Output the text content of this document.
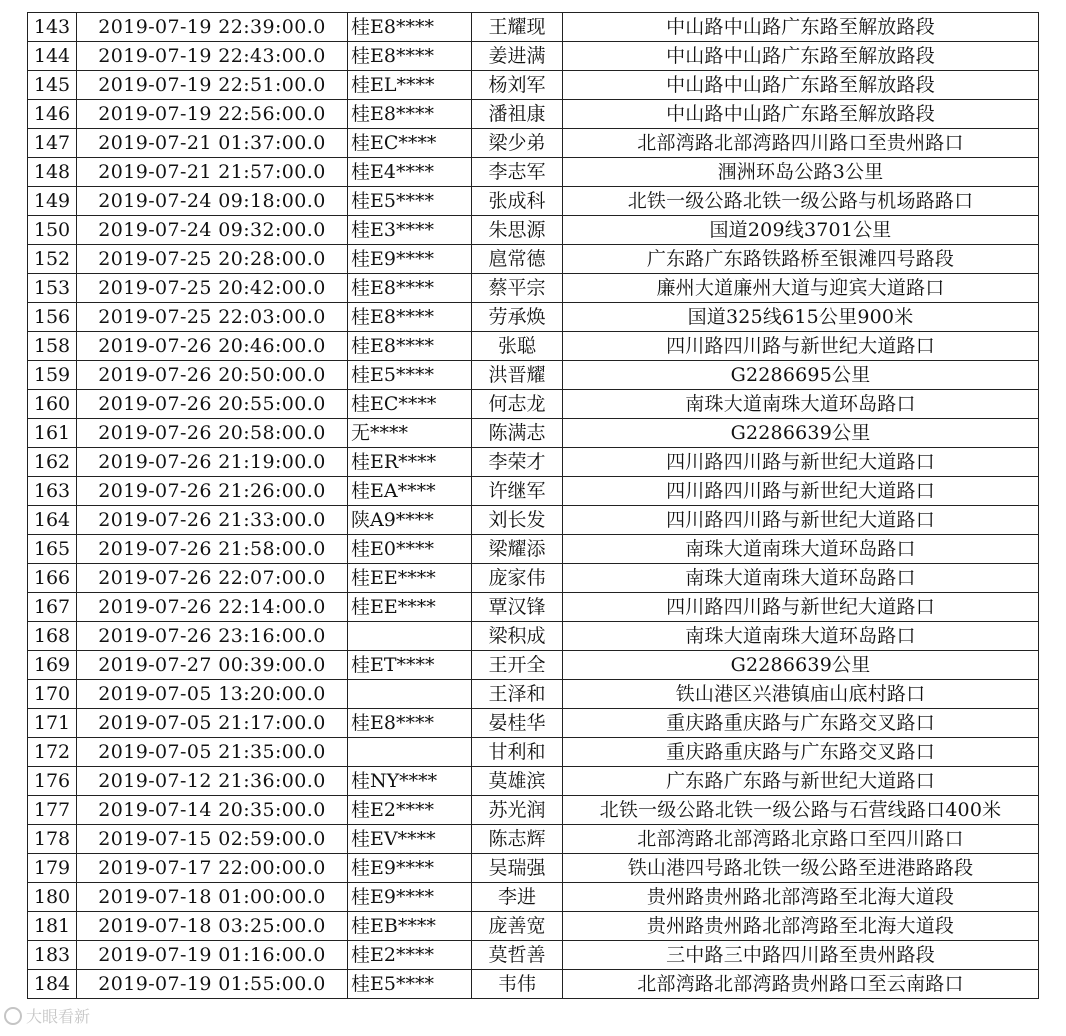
143	2019-07-19 22:39:00.0	桂E8****	王耀现	中山路中山路广东路至解放路段
144	2019-07-19 22:43:00.0	桂E8****	姜进满	中山路中山路广东路至解放路段
145	2019-07-19 22:51:00.0	桂EL****	杨刘军	中山路中山路广东路至解放路段
146	2019-07-19 22:56:00.0	桂E8****	潘祖康	中山路中山路广东路至解放路段
147	2019-07-21 01:37:00.0	桂EC****	梁少弟	北部湾路北部湾路四川路口至贵州路口
148	2019-07-21 21:57:00.0	桂E4****	李志军	涠洲环岛公路3公里
149	2019-07-24 09:18:00.0	桂E5****	张成科	北铁一级公路北铁一级公路与机场路路口
150	2019-07-24 09:32:00.0	桂E3****	朱思源	国道209线3701公里
152	2019-07-25 20:28:00.0	桂E9****	扈常德	广东路广东路铁路桥至银滩四号路段
153	2019-07-25 20:42:00.0	桂E8****	蔡平宗	廉州大道廉州大道与迎宾大道路口
156	2019-07-25 22:03:00.0	桂E8****	劳承焕	国道325线615公里900米
158	2019-07-26 20:46:00.0	桂E8****	张聪	四川路四川路与新世纪大道路口
159	2019-07-26 20:50:00.0	桂E5****	洪晋耀	G2286695公里
160	2019-07-26 20:55:00.0	桂EC****	何志龙	南珠大道南珠大道环岛路口
161	2019-07-26 20:58:00.0	无****	陈满志	G2286639公里
162	2019-07-26 21:19:00.0	桂ER****	李荣才	四川路四川路与新世纪大道路口
163	2019-07-26 21:26:00.0	桂EA****	许继军	四川路四川路与新世纪大道路口
164	2019-07-26 21:33:00.0	陕A9****	刘长发	四川路四川路与新世纪大道路口
165	2019-07-26 21:58:00.0	桂E0****	梁耀添	南珠大道南珠大道环岛路口
166	2019-07-26 22:07:00.0	桂EE****	庞家伟	南珠大道南珠大道环岛路口
167	2019-07-26 22:14:00.0	桂EE****	覃汉锋	四川路四川路与新世纪大道路口
168	2019-07-26 23:16:00.0		梁积成	南珠大道南珠大道环岛路口
169	2019-07-27 00:39:00.0	桂ET****	王开全	G2286639公里
170	2019-07-05 13:20:00.0		王泽和	铁山港区兴港镇庙山底村路口
171	2019-07-05 21:17:00.0	桂E8****	晏桂华	重庆路重庆路与广东路交叉路口
172	2019-07-05 21:35:00.0		甘利和	重庆路重庆路与广东路交叉路口
176	2019-07-12 21:36:00.0	桂NY****	莫雄滨	广东路广东路与新世纪大道路口
177	2019-07-14 20:35:00.0	桂E2****	苏光润	北铁一级公路北铁一级公路与石营线路口400米
178	2019-07-15 02:59:00.0	桂EV****	陈志辉	北部湾路北部湾路北京路口至四川路口
179	2019-07-17 22:00:00.0	桂E9****	吴瑞强	铁山港四号路北铁一级公路至进港路路段
180	2019-07-18 01:00:00.0	桂E9****	李进	贵州路贵州路北部湾路至北海大道段
181	2019-07-18 03:25:00.0	桂EB****	庞善宽	贵州路贵州路北部湾路至北海大道段
183	2019-07-19 01:16:00.0	桂E2****	莫哲善	三中路三中路四川路至贵州路段
184	2019-07-19 01:55:00.0	桂E5****	韦伟	北部湾路北部湾路贵州路口至云南路口
大眼看新
